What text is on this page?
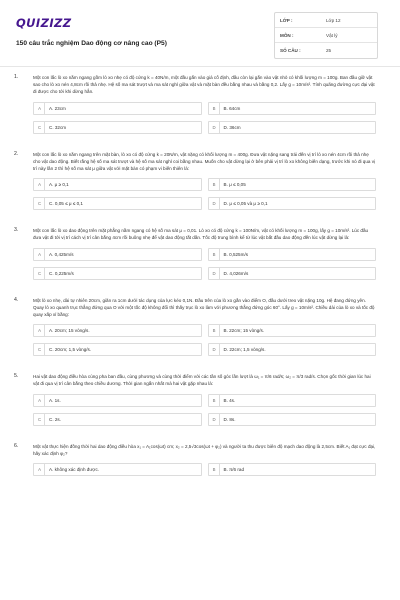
QUIZIZZ
150 câu trắc nghiệm Dao động cơ nâng cao (P5)
LỚP :	Lớp 12
MÔN :	Vật lý
SỐ CÂU :	25
1.	Một con lắc lò xo nằm ngang gồm lò xo nhẹ có độ cứng k = 40N/m, một đầu gắn vào giá cố định, đầu còn lại gắn vào vật nhỏ có khối lượng m = 100g. Ban đầu giữ vật sao cho lò xo nén 4,8cm rồi thả nhẹ. Hệ số ma sát trượt và ma sát nghỉ giữa vật và mặt bàn đều bằng nhau và bằng 0,2. Lấy g = 10m/s². Tính quãng đường cực đại vật đi được cho tới khi dừng hẳn.
A	A. 23cm	B	B. 64cm
C	C. 32cm	D	D. 36cm
2.	Một con lắc lò xo nằm ngang trên mặt bàn, lò xo có độ cứng k = 20N/m, vật nặng có khối lượng m = 400g. Đưa vật nặng sang trái đến vị trí lò xo nén 4cm rồi thả nhẹ cho vật dao động. Biết rằng hệ số ma sát trượt và hệ số ma sát nghỉ coi bằng nhau. Muốn cho vật dừng lại ở bên phải vị trí lò xo không biến dạng, trước khi nó đi qua vị trí này lần 2 thì hệ số ma sát μ giữa vật với mặt bàn có phạm vi biến thiên là:
A	A. μ ≥ 0,1	B	B. μ ≤ 0,05
C	C. 0,05 ≤ μ ≤ 0,1	D	D. μ ≤ 0,05 và μ ≥ 0,1
3.	Một con lắc lò xo dao động trên mặt phẳng nằm ngang có hệ số ma sát μ = 0,01. Lò xo có độ cứng k = 100N/m, vật có khối lượng m = 100g, lấy g = 10m/s². Lúc đầu đưa vật đi tới vị trí cách vị trí cân bằng 4cm rồi buông nhẹ để vật dao động tắt dần. Tốc độ trung bình kể từ lúc vật bắt đầu dao động đến lúc vật dừng lại là:
A	A. 0,425m/s	B	B. 0,525m/s
C	C. 0,225m/s	D	D. 4,026m/s
4.	Một lò xo nhẹ, dài tự nhiên 20cm, giãn ra 1cm dưới tác dụng của lực kéo 0,1N. Đầu trên của lò xo gắn vào điểm O, đầu dưới treo vật nặng 10g. Hệ đang đứng yên. Quay lò xo quanh trục thẳng đứng qua O với một tốc độ không đổi thì thấy trục lò xo làm với phương thẳng đứng góc 60°. Lấy g = 10m/s². Chiều dài của lò xo và tốc độ quay xấp xỉ bằng:
A	A. 20cm; 15 vòng/s.	B	B. 22cm; 15 vòng/s.
C	C. 20cm; 1,5 vòng/s.	D	D. 22cm; 1,5 vòng/s.
5.	Hai vật dao động điều hòa cùng pha ban đầu, cùng phương và cùng thời điểm với các tần số góc lần lượt là ω₁ = π/6 rad/s; ω₂ = π/3 rad/s. Chọn gốc thời gian lúc hai vật đi qua vị trí cân bằng theo chiều dương. Thời gian ngắn nhất mà hai vật gặp nhau là:
A	A. 1s.	B	B. 4s.
C	C. 2s.	D	D. 8s.
6.	Một vật thực hiện đồng thời hai dao động điều hòa x₁ = A₁cos(ωt) cm; x₂ = 2,5√3cos(ωt + φ₂) và người ta thu được biên độ mạch dao động là 2,5cm. Biết A₁ đạt cực đại, hãy xác định φ₂?
A	A. không xác định được.	B	B. π/6 rad
